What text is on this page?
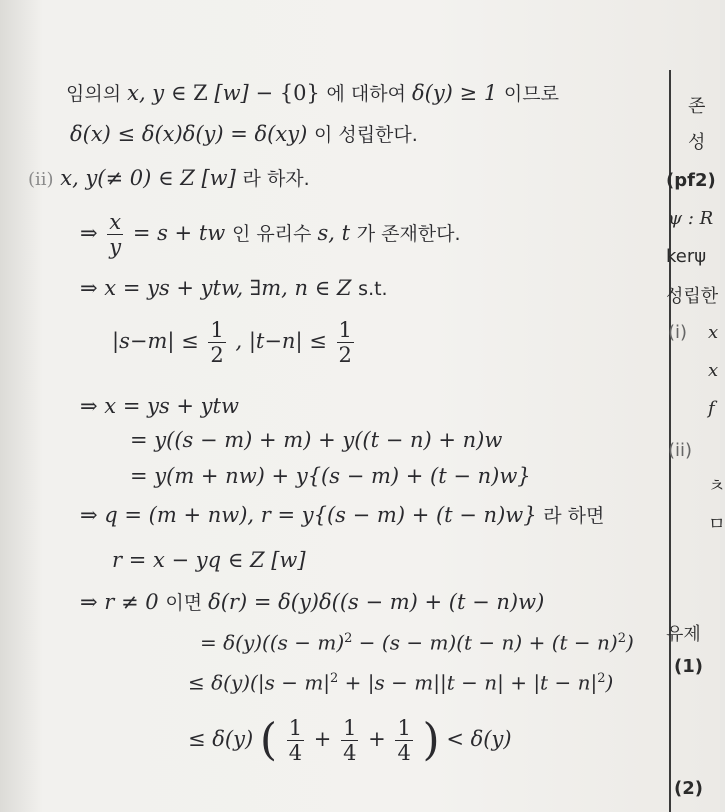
임의의 x, y ∈ Z [w] − {0} 에 대하여 δ(y) ≥ 1 이므로
δ(x) ≤ δ(x)δ(y) = δ(xy) 이 성립한다.
(ii) x, y(≠ 0) ∈ Z [w] 라 하자.
⇒ $\frac{x}{y} = s$ + tw 인 유리수 s, t 가 존재한다.
⇒ x = ys + ytw, ∃m, n ∈ Z s.t.
$|s-m| \le \frac{1}{2}$ , $|t-n| \le \frac{1}{2}$
⇒ x = ys + ytw
= y((s − m) + m) + y((t − n) + n)w
= y(m + nw) + y{(s − m) + (t − n)w}
⇒ q = (m + nw), r = y{(s − m) + (t − n)w} 라 하면
r = x − yq ∈ Z [w]
⇒ r ≠ 0 이면 δ(r) = δ(y)δ((s − m) + (t − n)w)
= $\delta(y)((s - m)^2 - (s - m)(t - n) + (t - n)^2)$
≤ $\delta(y)(|s - m|^2 + |s - m||t - n| + |t - n|^2)$
≤ δ(y) ( $\frac{1}{4} + \frac{1}{4} + \frac{1}{4}$ ) < δ(y)
존
성
(pf2)
ψ : R
kerψ
성립한
(i) x
x
f
(ii)
ㅊ
ㅁ
유제
(1)
(2)
